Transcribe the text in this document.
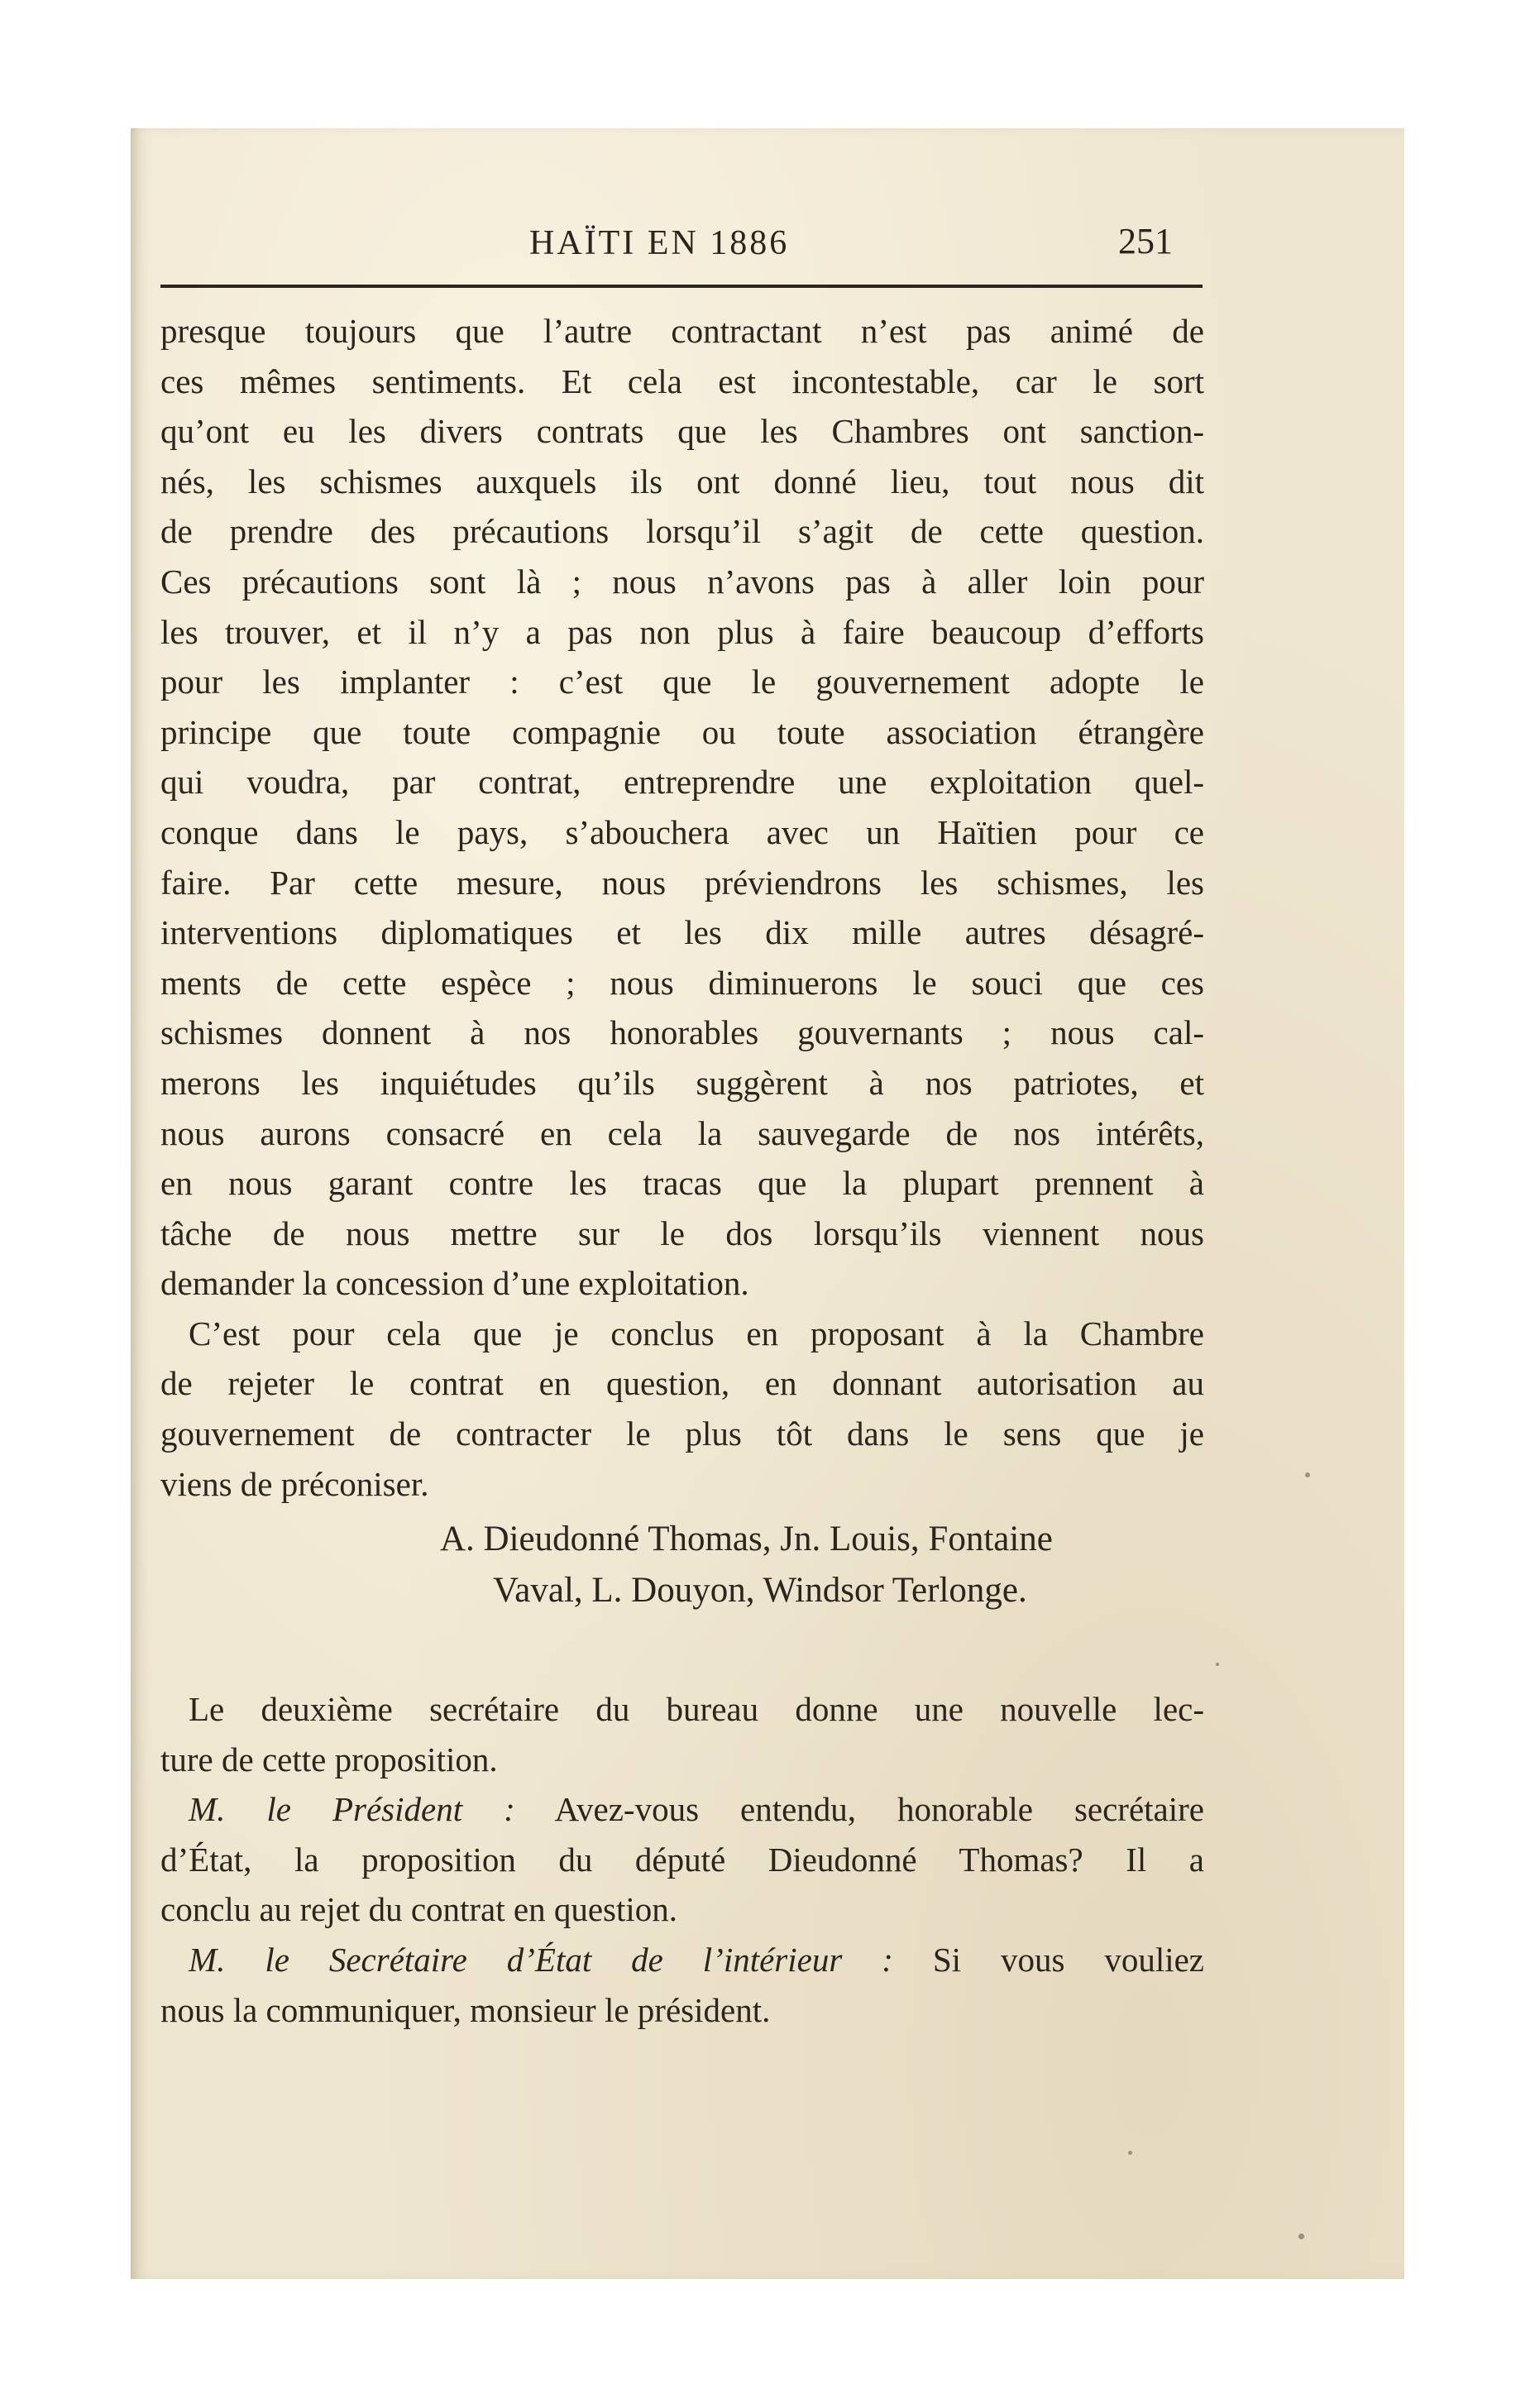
HAÏTI EN 1886	251
presque toujours que l’autre contractant n’est pas animé de
ces mêmes sentiments. Et cela est incontestable, car le sort
qu’ont eu les divers contrats que les Chambres ont sanction-
nés, les schismes auxquels ils ont donné lieu, tout nous dit
de prendre des précautions lorsqu’il s’agit de cette question.
Ces précautions sont là ; nous n’avons pas à aller loin pour
les trouver, et il n’y a pas non plus à faire beaucoup d’efforts
pour les implanter : c’est que le gouvernement adopte le
principe que toute compagnie ou toute association étrangère
qui voudra, par contrat, entreprendre une exploitation quel-
conque dans le pays, s’abouchera avec un Haïtien pour ce
faire. Par cette mesure, nous préviendrons les schismes, les
interventions diplomatiques et les dix mille autres désagré-
ments de cette espèce ; nous diminuerons le souci que ces
schismes donnent à nos honorables gouvernants ; nous cal-
merons les inquiétudes qu’ils suggèrent à nos patriotes, et
nous aurons consacré en cela la sauvegarde de nos intérêts,
en nous garant contre les tracas que la plupart prennent à
tâche de nous mettre sur le dos lorsqu’ils viennent nous
demander la concession d’une exploitation.
C’est pour cela que je conclus en proposant à la Chambre
de rejeter le contrat en question, en donnant autorisation au
gouvernement de contracter le plus tôt dans le sens que je
viens de préconiser.
A. Dieudonné Thomas, Jn. Louis, Fontaine
Vaval, L. Douyon, Windsor Terlonge.
Le deuxième secrétaire du bureau donne une nouvelle lec-
ture de cette proposition.
M. le Président : Avez-vous entendu, honorable secrétaire
d’État, la proposition du député Dieudonné Thomas? Il a
conclu au rejet du contrat en question.
M. le Secrétaire d’État de l’intérieur : Si vous vouliez
nous la communiquer, monsieur le président.
